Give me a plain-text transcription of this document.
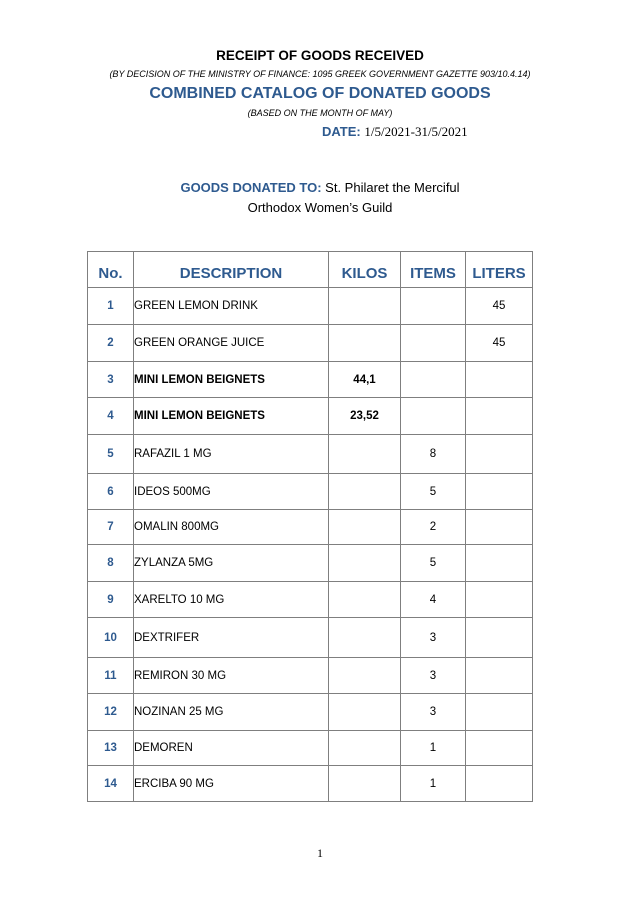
RECEIPT OF GOODS RECEIVED
(BY DECISION OF THE MINISTRY OF FINANCE: 1095 GREEK GOVERNMENT GAZETTE 903/10.4.14)
COMBINED CATALOG OF DONATED GOODS
(BASED ON THE MONTH OF MAY)
DATE: 1/5/2021-31/5/2021
GOODS DONATED TO: St. Philaret the Merciful
Orthodox Women’s Guild
No.	DESCRIPTION	KILOS	ITEMS	LITERS
1	GREEN LEMON DRINK			45
2	GREEN ORANGE JUICE			45
3	MINI LEMON BEIGNETS	44,1		
4	MINI LEMON BEIGNETS	23,52		
5	RAFAZIL 1 MG		8	
6	IDEOS 500MG		5	
7	OMALIN 800MG		2	
8	ZYLANZA 5MG		5	
9	XARELTO 10 MG		4	
10	DEXTRIFER		3	
11	REMIRON 30 MG		3	
12	NOZINAN 25 MG		3	
13	DEMOREN		1	
14	ERCIBA 90 MG		1	
1
